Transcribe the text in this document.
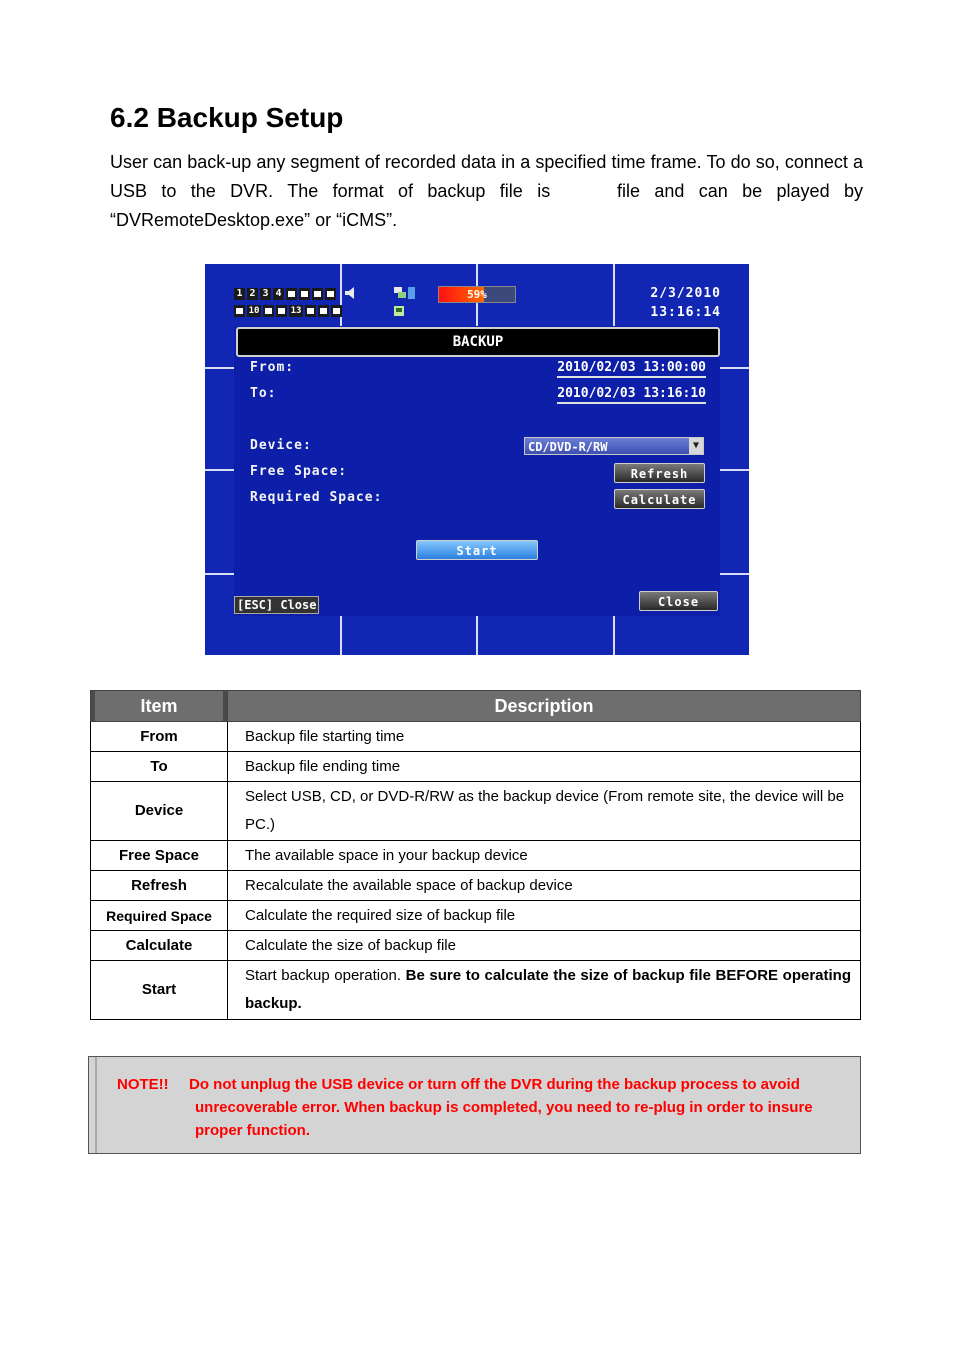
6.2 Backup Setup

User can back-up any segment of recorded data in a specified time frame. To do so, connect a USB to the DVR. The format of backup file is	file and can be played by “DVRemoteDesktop.exe” or “iCMS”.

1 2 3 4
10	13
59%	2/3/2010
13:16:14
BACKUP
From:	2010/02/03 13:00:00
To:	2010/02/03 13:16:10
Device:	CD/DVD-R/RW	▼
Free Space:	Refresh
Required Space:	Calculate
Start
[ESC] Close	Close
Item	Description
From	Backup file starting time
To	Backup file ending time
Device	Select USB, CD, or DVD-R/RW as the backup device (From remote site, the device will be PC.)
Free Space	The available space in your backup device
Refresh	Recalculate the available space of backup device
Required Space	Calculate the required size of backup file
Calculate	Calculate the size of backup file
Start	Start backup operation. Be sure to calculate the size of backup file BEFORE operating backup.
NOTE!! Do not unplug the USB device or turn off the DVR during the backup process to avoid unrecoverable error. When backup is completed, you need to re-plug in order to insure proper function.
